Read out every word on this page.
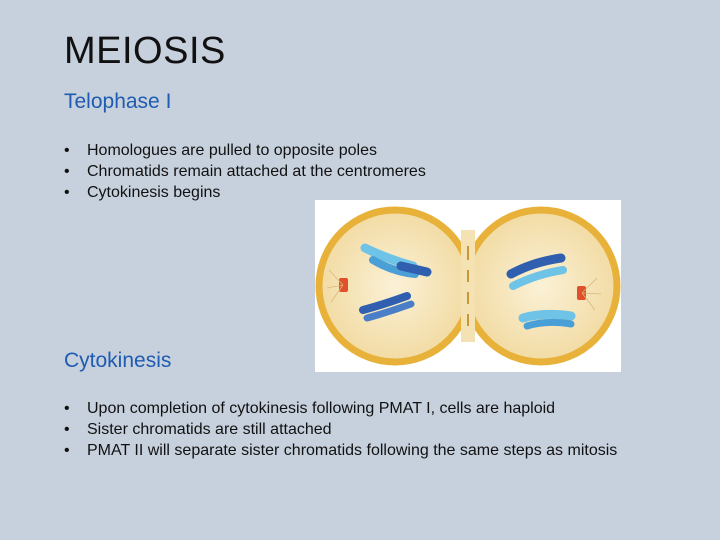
MEIOSIS
Telophase I
• Homologues are pulled to opposite poles
• Chromatids remain attached at the centromeres
• Cytokinesis begins
Cytokinesis
• Upon completion of cytokinesis following PMAT I, cells are haploid
• Sister chromatids are still attached
• PMAT II will separate sister chromatids following the same steps as mitosis
